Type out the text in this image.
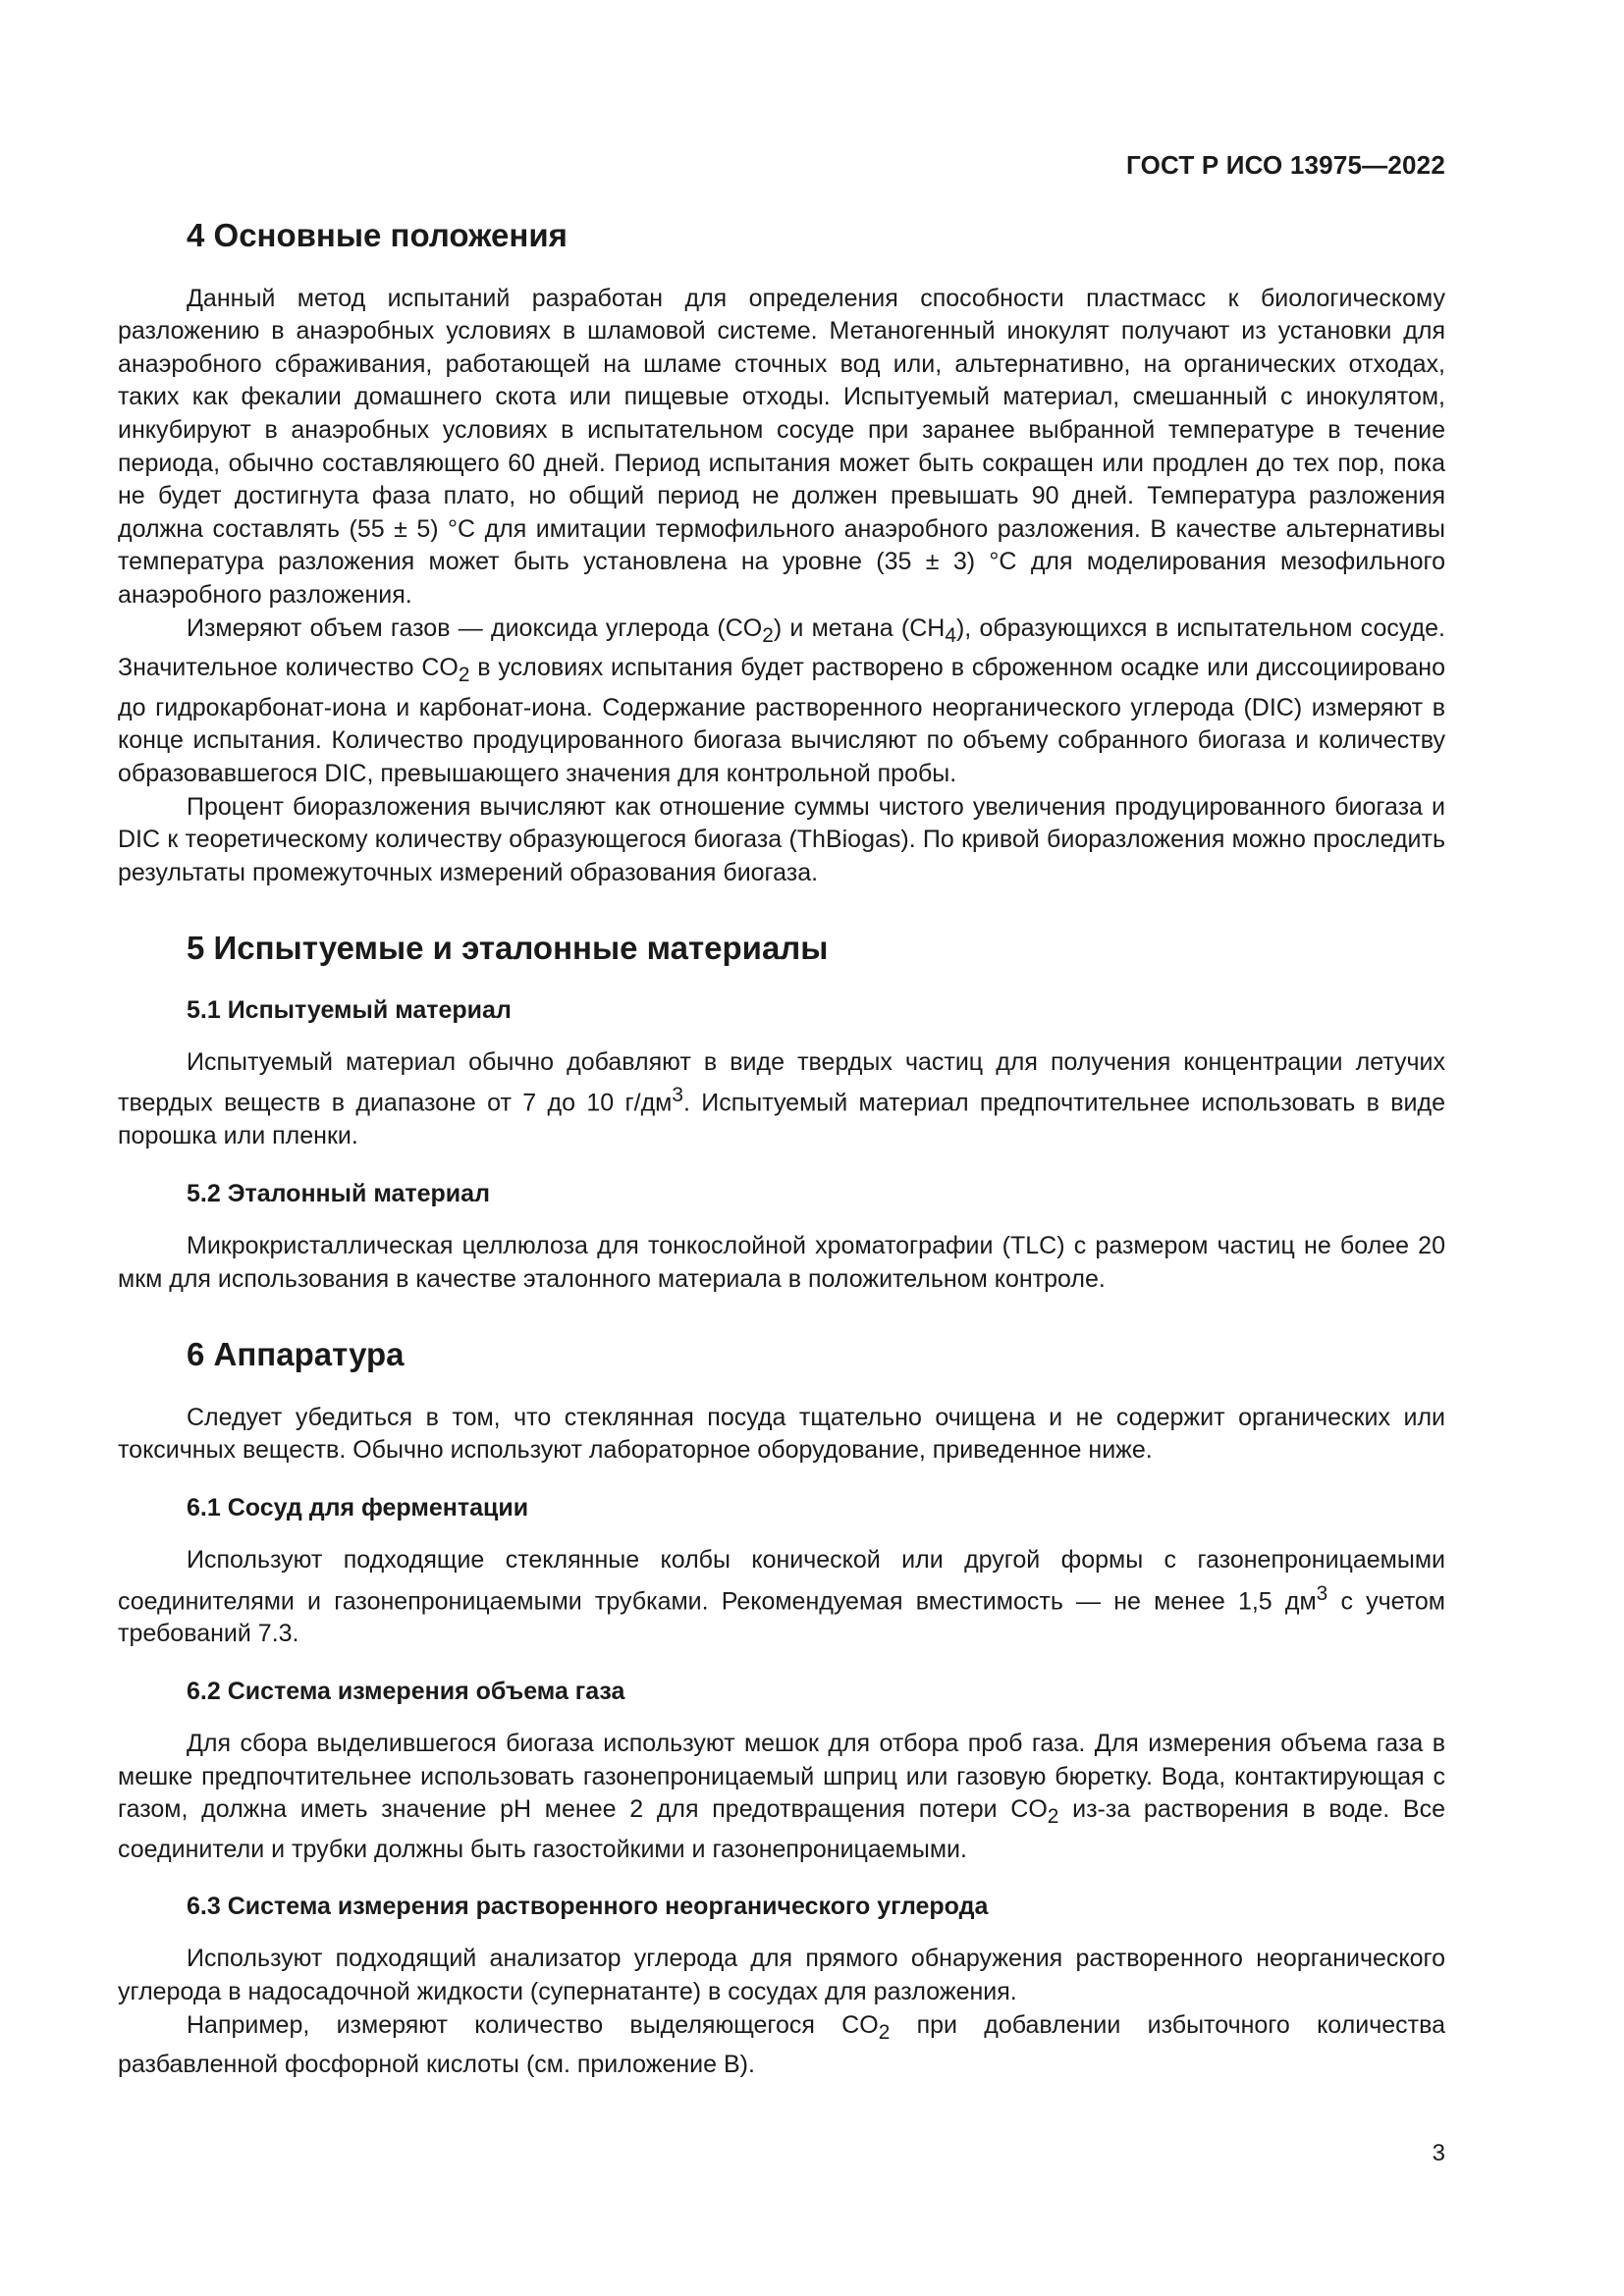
ГОСТ Р ИСО 13975—2022

4 Основные положения

Данный метод испытаний разработан для определения способности пластмасс к биологическому разложению в анаэробных условиях в шламовой системе. Метаногенный инокулят получают из установки для анаэробного сбраживания, работающей на шламе сточных вод или, альтернативно, на органических отходах, таких как фекалии домашнего скота или пищевые отходы. Испытуемый материал, смешанный с инокулятом, инкубируют в анаэробных условиях в испытательном сосуде при заранее выбранной температуре в течение периода, обычно составляющего 60 дней. Период испытания может быть сокращен или продлен до тех пор, пока не будет достигнута фаза плато, но общий период не должен превышать 90 дней. Температура разложения должна составлять (55 ± 5) °С для имитации термофильного анаэробного разложения. В качестве альтернативы температура разложения может быть установлена на уровне (35 ± 3) °С для моделирования мезофильного анаэробного разложения.

Измеряют объем газов — диоксида углерода $(CO_2)$ и метана $(CH_4)$, образующихся в испытательном сосуде. Значительное количество $CO_2$ в условиях испытания будет растворено в сброженном осадке или диссоциировано до гидрокарбонат-иона и карбонат-иона. Содержание растворенного неорганического углерода (DIC) измеряют в конце испытания. Количество продуцированного биогаза вычисляют по объему собранного биогаза и количеству образовавшегося DIC, превышающего значения для контрольной пробы.

Процент биоразложения вычисляют как отношение суммы чистого увеличения продуцированного биогаза и DIC к теоретическому количеству образующегося биогаза (ThBiogas). По кривой биоразложения можно проследить результаты промежуточных измерений образования биогаза.

5 Испытуемые и эталонные материалы
5.1 Испытуемый материал

Испытуемый материал обычно добавляют в виде твердых частиц для получения концентрации летучих твердых веществ в диапазоне от 7 до 10 $г/дм^3$. Испытуемый материал предпочтительнее использовать в виде порошка или пленки.

5.2 Эталонный материал

Микрокристаллическая целлюлоза для тонкослойной хроматографии (TLC) с размером частиц не более 20 мкм для использования в качестве эталонного материала в положительном контроле.

6 Аппаратура

Следует убедиться в том, что стеклянная посуда тщательно очищена и не содержит органических или токсичных веществ. Обычно используют лабораторное оборудование, приведенное ниже.

6.1 Сосуд для ферментации

Используют подходящие стеклянные колбы конической или другой формы с газонепроницаемыми соединителями и газонепроницаемыми трубками. Рекомендуемая вместимость — не менее 1,5 $дм^3$ с учетом требований 7.3.

6.2 Система измерения объема газа

Для сбора выделившегося биогаза используют мешок для отбора проб газа. Для измерения объема газа в мешке предпочтительнее использовать газонепроницаемый шприц или газовую бюретку. Вода, контактирующая с газом, должна иметь значение pH менее 2 для предотвращения потери $CO_2$ из-за растворения в воде. Все соединители и трубки должны быть газостойкими и газонепроницаемыми.

6.3 Система измерения растворенного неорганического углерода

Используют подходящий анализатор углерода для прямого обнаружения растворенного неорганического углерода в надосадочной жидкости (супернатанте) в сосудах для разложения.

Например, измеряют количество выделяющегося $CO_2$ при добавлении избыточного количества разбавленной фосфорной кислоты (см. приложение В).

3
